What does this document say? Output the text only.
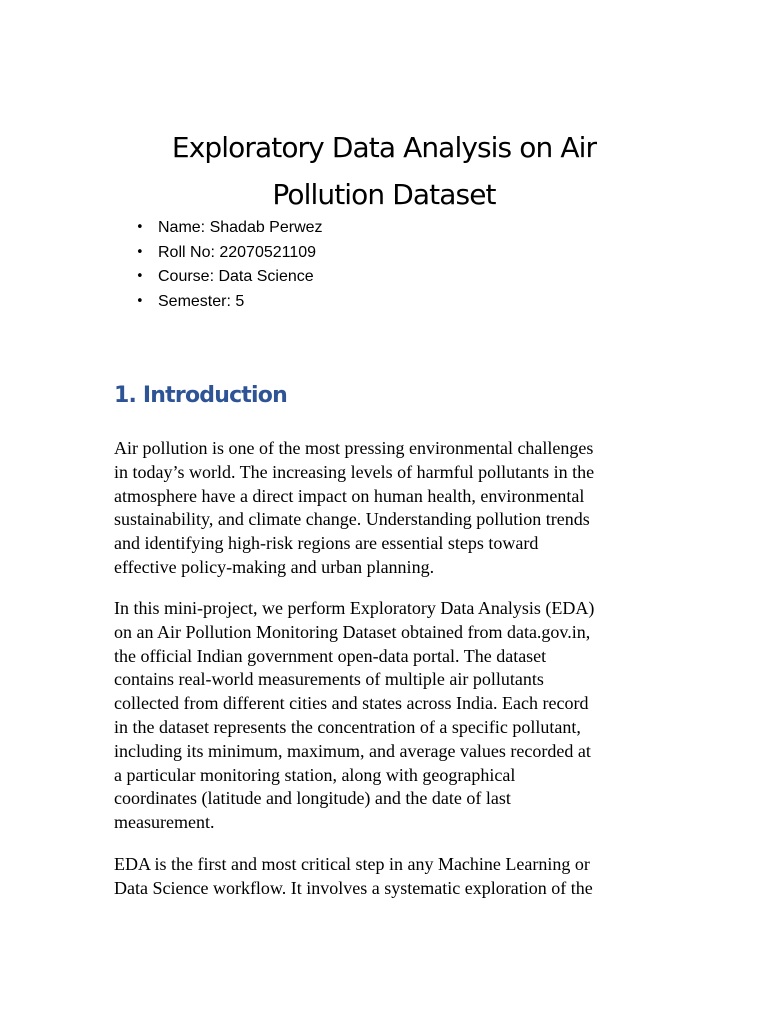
Exploratory Data Analysis on Air
Pollution Dataset
• Name: Shadab Perwez
• Roll No: 22070521109
• Course: Data Science
• Semester: 5
1. Introduction

Air pollution is one of the most pressing environmental challenges
in today’s world. The increasing levels of harmful pollutants in the
atmosphere have a direct impact on human health, environmental
sustainability, and climate change. Understanding pollution trends
and identifying high-risk regions are essential steps toward
effective policy-making and urban planning.

In this mini-project, we perform Exploratory Data Analysis (EDA)
on an Air Pollution Monitoring Dataset obtained from data.gov.in,
the official Indian government open-data portal. The dataset
contains real-world measurements of multiple air pollutants
collected from different cities and states across India. Each record
in the dataset represents the concentration of a specific pollutant,
including its minimum, maximum, and average values recorded at
a particular monitoring station, along with geographical
coordinates (latitude and longitude) and the date of last
measurement.

EDA is the first and most critical step in any Machine Learning or
Data Science workflow. It involves a systematic exploration of the
